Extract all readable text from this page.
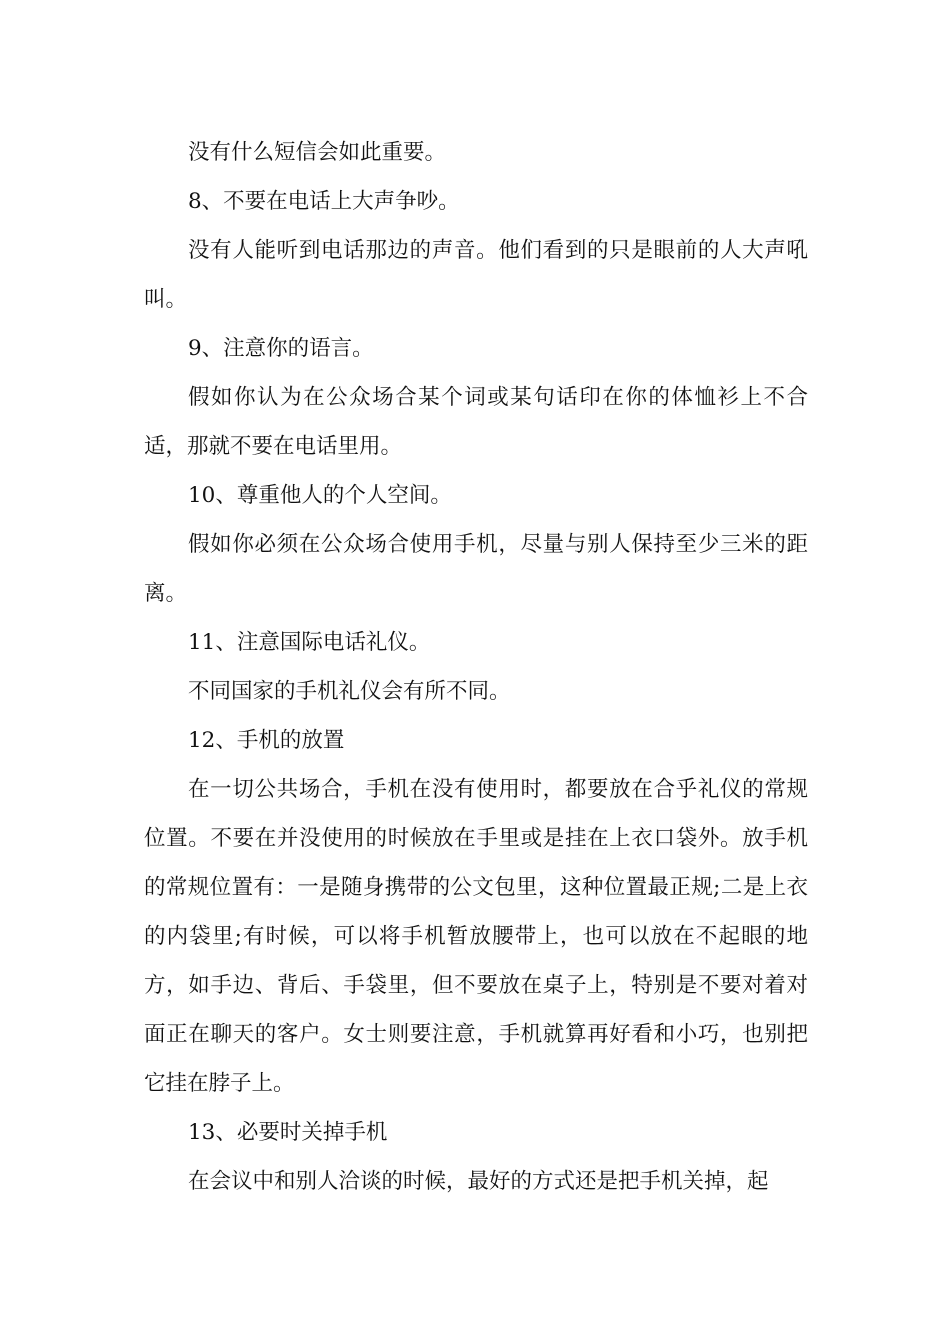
没有什么短信会如此重要。

8、不要在电话上大声争吵。

没有人能听到电话那边的声音。他们看到的只是眼前的人大声吼叫。

9、注意你的语言。

假如你认为在公众场合某个词或某句话印在你的体恤衫上不合适，那就不要在电话里用。

10、尊重他人的个人空间。

假如你必须在公众场合使用手机，尽量与别人保持至少三米的距离。

11、注意国际电话礼仪。

不同国家的手机礼仪会有所不同。

12、手机的放置

在一切公共场合，手机在没有使用时，都要放在合乎礼仪的常规位置。不要在并没使用的时候放在手里或是挂在上衣口袋外。放手机的常规位置有：一是随身携带的公文包里，这种位置最正规;二是上衣的内袋里;有时候，可以将手机暂放腰带上，也可以放在不起眼的地方，如手边、背后、手袋里，但不要放在桌子上，特别是不要对着对面正在聊天的客户。女士则要注意，手机就算再好看和小巧，也别把它挂在脖子上。

13、必要时关掉手机

在会议中和别人洽谈的时候，最好的方式还是把手机关掉，起
